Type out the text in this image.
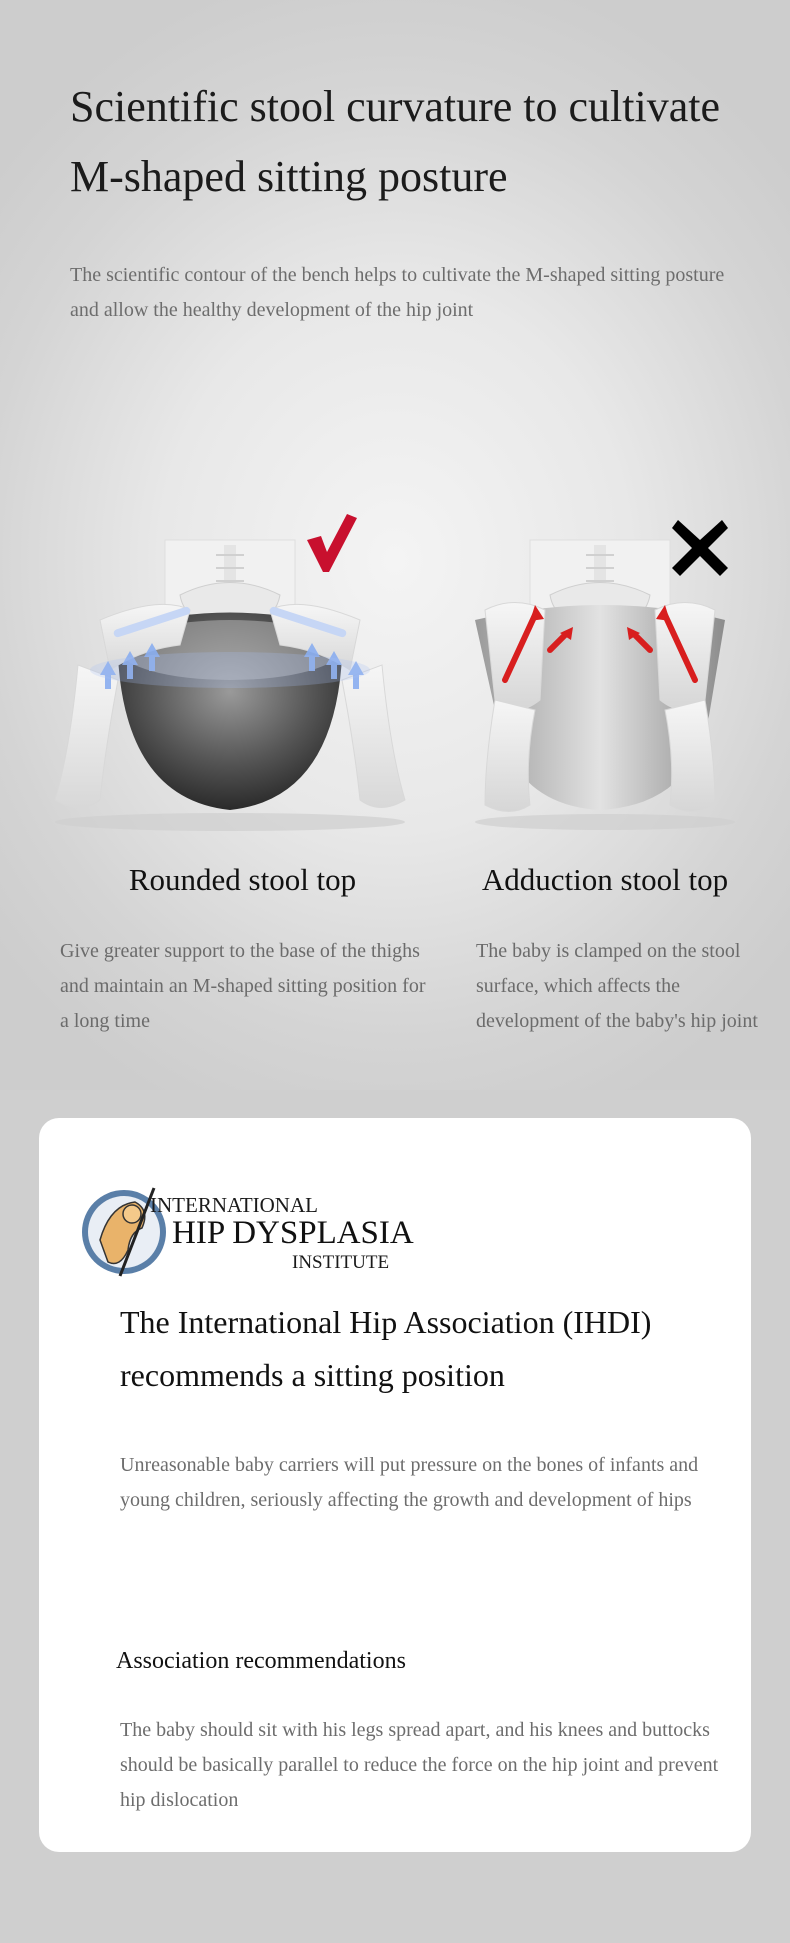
Scientific stool curvature to cultivate M-shaped sitting posture

The scientific contour of the bench helps to cultivate the M-shaped sitting posture and allow the healthy development of the hip joint

Rounded stool top	Adduction stool top

Give greater support to the base of the thighs and maintain an M-shaped sitting position for a long time

The baby is clamped on the stool surface, which affects the development of the baby's hip joint

INTERNATIONAL
HIP DYSPLASIA
INSTITUTE
The International Hip Association (IHDI) recommends a sitting position

Unreasonable baby carriers will put pressure on the bones of infants and young children, seriously affecting the growth and development of hips

Association recommendations

The baby should sit with his legs spread apart, and his knees and buttocks should be basically parallel to reduce the force on the hip joint and prevent hip dislocation
